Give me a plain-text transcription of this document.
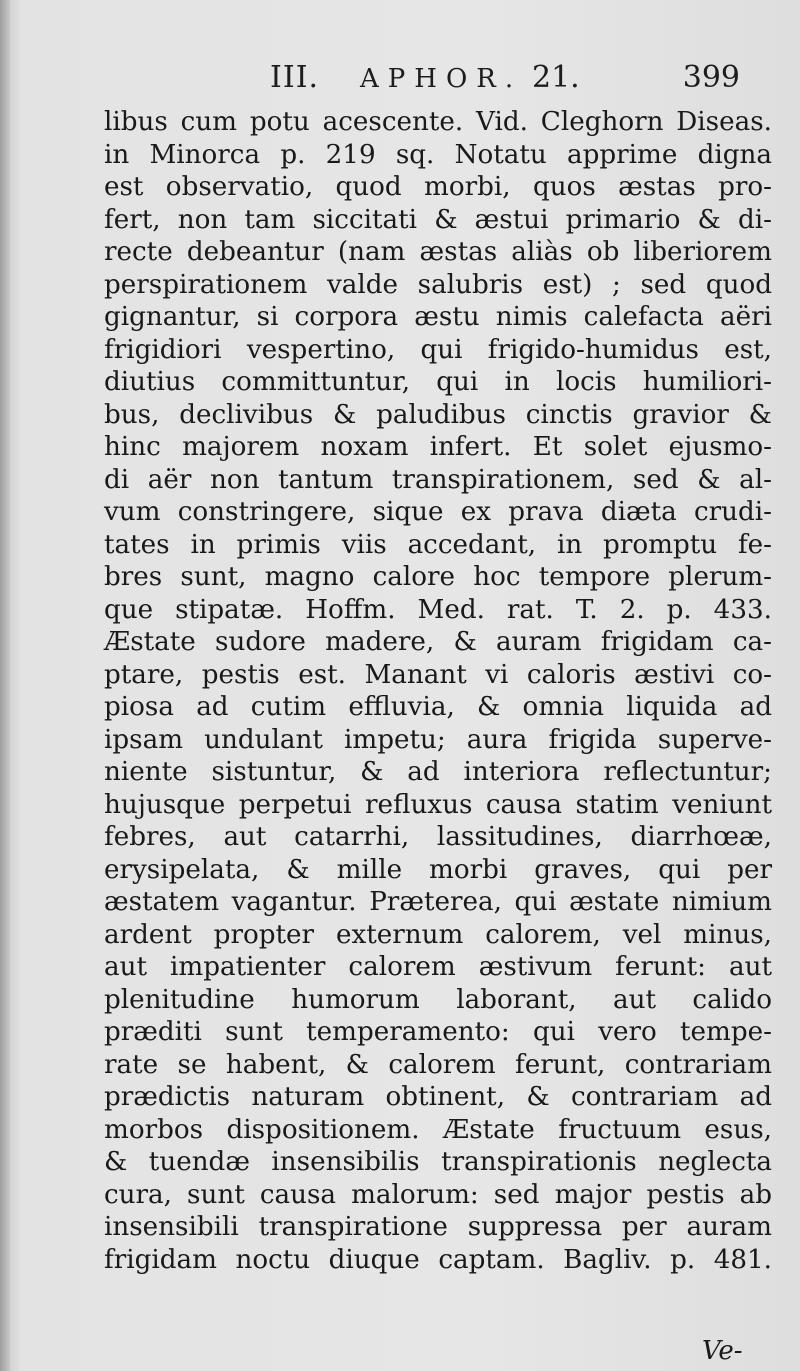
III. APHOR. 21.	399
libus cum potu acescente. Vid. Cleghorn Diseas.
in Minorca p. 219 sq. Notatu apprime digna
est observatio, quod morbi, quos æstas pro-
fert, non tam siccitati & æstui primario & di-
recte debeantur (nam æstas aliàs ob liberiorem
perspirationem valde salubris est) ; sed quod
gignantur, si corpora æstu nimis calefacta aëri
frigidiori vespertino, qui frigido-humidus est,
diutius committuntur, qui in locis humiliori-
bus, declivibus & paludibus cinctis gravior &
hinc majorem noxam infert. Et solet ejusmo-
di aër non tantum transpirationem, sed & al-
vum constringere, sique ex prava diæta crudi-
tates in primis viis accedant, in promptu fe-
bres sunt, magno calore hoc tempore plerum-
que stipatæ. Hoffm. Med. rat. T. 2. p. 433.
Æstate sudore madere, & auram frigidam ca-
ptare, pestis est. Manant vi caloris æstivi co-
piosa ad cutim effluvia, & omnia liquida ad
ipsam undulant impetu; aura frigida superve-
niente sistuntur, & ad interiora reflectuntur;
hujusque perpetui refluxus causa statim veniunt
febres, aut catarrhi, lassitudines, diarrhœæ,
erysipelata, & mille morbi graves, qui per
æstatem vagantur. Præterea, qui æstate nimium
ardent propter externum calorem, vel minus,
aut impatienter calorem æstivum ferunt: aut
plenitudine humorum laborant, aut calido
præditi sunt temperamento: qui vero tempe-
rate se habent, & calorem ferunt, contrariam
prædictis naturam obtinent, & contrariam ad
morbos dispositionem. Æstate fructuum esus,
& tuendæ insensibilis transpirationis neglecta
cura, sunt causa malorum: sed major pestis ab
insensibili transpiratione suppressa per auram
frigidam noctu diuque captam. Bagliv. p. 481.
Ve-
